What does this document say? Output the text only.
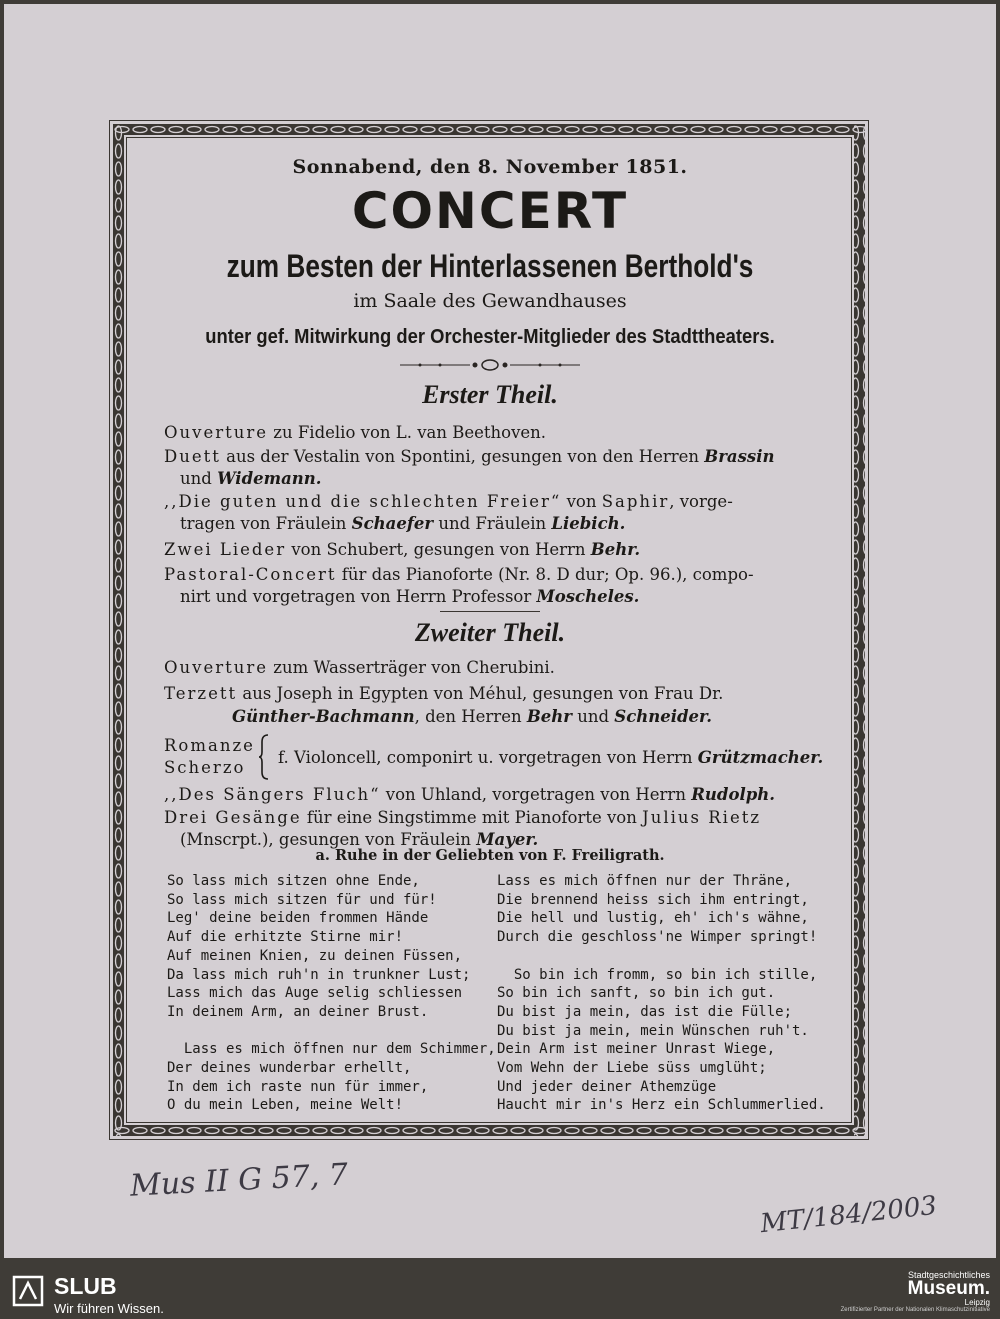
Sonnabend, den 8. November 1851.
CONCERT
zum Besten der Hinterlassenen Berthold's
im Saale des Gewandhauses
unter gef. Mitwirkung der Orchester-Mitglieder des Stadttheaters.
Erster Theil.
Ouverture zu Fidelio von L. van Beethoven.
Duett aus der Vestalin von Spontini, gesungen von den Herren Brassin
und Widemann.
,,Die guten und die schlechten Freier“ von Saphir, vorge-
tragen von Fräulein Schaefer und Fräulein Liebich.
Zwei Lieder von Schubert, gesungen von Herrn Behr.
Pastoral-Concert für das Pianoforte (Nr. 8. D dur; Op. 96.), compo-
nirt und vorgetragen von Herrn Professor Moscheles.
Zweiter Theil.
Ouverture zum Wasserträger von Cherubini.
Terzett aus Joseph in Egypten von Méhul, gesungen von Frau Dr.
Günther-Bachmann, den Herren Behr und Schneider.
Romanze
Scherzo
f. Violoncell, componirt u. vorgetragen von Herrn Grützmacher.
,,Des Sängers Fluch“ von Uhland, vorgetragen von Herrn Rudolph.
Drei Gesänge für eine Singstimme mit Pianoforte von Julius Rietz
(Mnscrpt.), gesungen von Fräulein Mayer.
a. Ruhe in der Geliebten von F. Freiligrath.
So lass mich sitzen ohne Ende,
So lass mich sitzen für und für!
Leg' deine beiden frommen Hände
Auf die erhitzte Stirne mir!
Auf meinen Knien, zu deinen Füssen,
Da lass mich ruh'n in trunkner Lust;
Lass mich das Auge selig schliessen
In deinem Arm, an deiner Brust.

Lass es mich öffnen nur dem Schimmer,
Der deines wunderbar erhellt,
In dem ich raste nun für immer,
O du mein Leben, meine Welt!
Lass es mich öffnen nur der Thräne,
Die brennend heiss sich ihm entringt,
Die hell und lustig, eh' ich's wähne,
Durch die geschloss'ne Wimper springt!

So bin ich fromm, so bin ich stille,
So bin ich sanft, so bin ich gut.
Du bist ja mein, das ist die Fülle;
Du bist ja mein, mein Wünschen ruh't.
Dein Arm ist meiner Unrast Wiege,
Vom Wehn der Liebe süss umglüht;
Und jeder deiner Athemzüge
Haucht mir in's Herz ein Schlummerlied.
Mus II G 57, 7
MT/184/2003
SLUB
Wir führen Wissen.
Stadtgeschichtliches
Museum.
Leipzig
Zertifizierter Partner der Nationalen Klimaschutzinitiative
